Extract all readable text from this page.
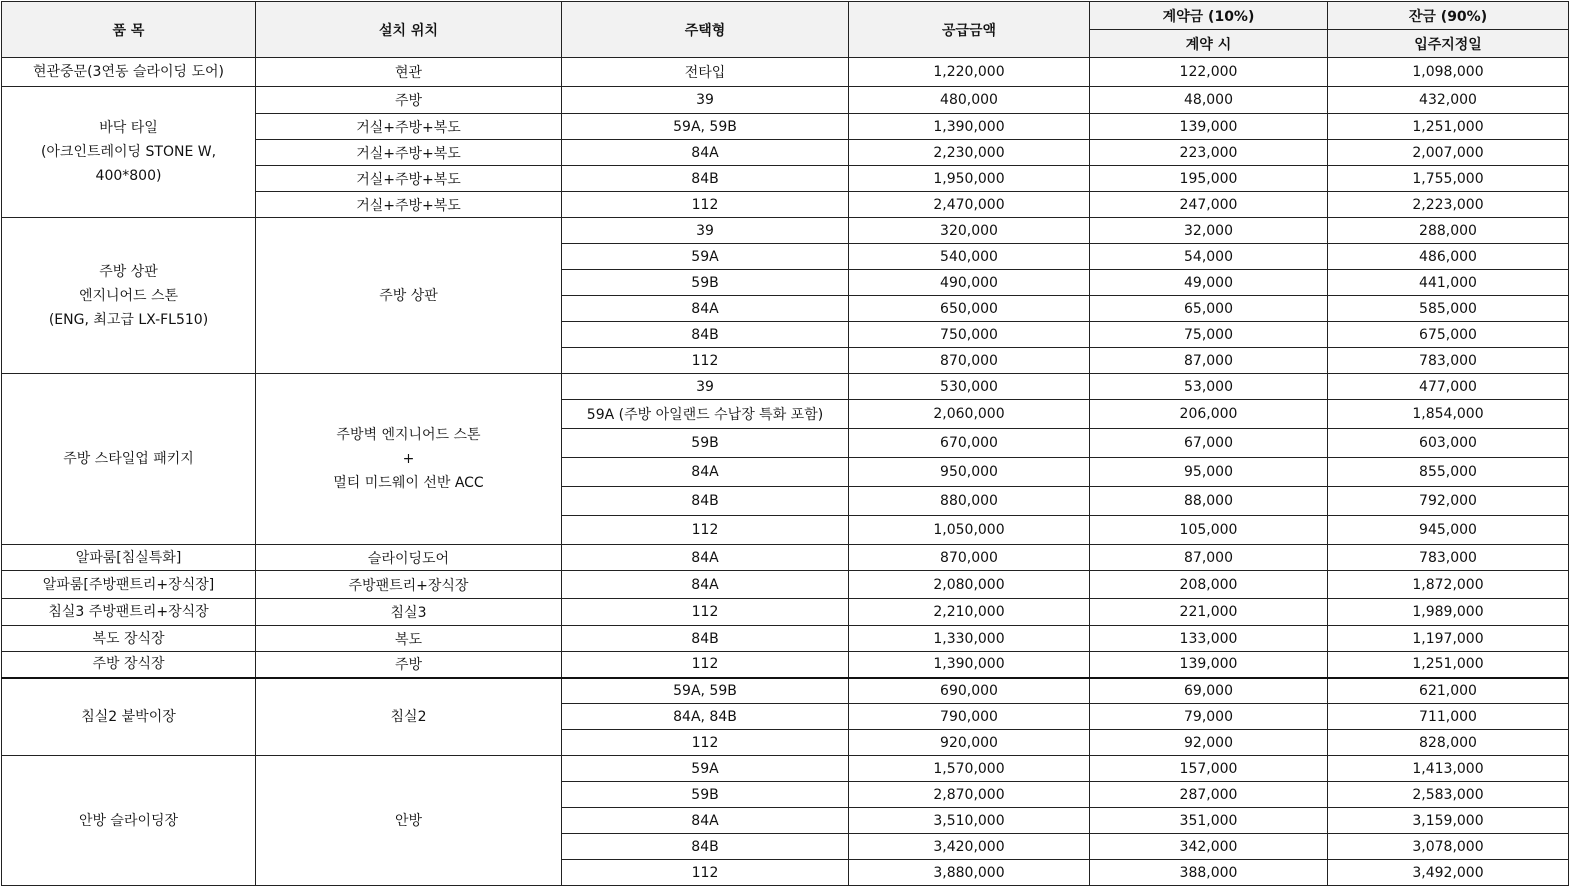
품 목	설치 위치	주택형	공급금액	계약금 (10%)	잔금 (90%)
				계약 시	입주지정일
현관중문(3연동 슬라이딩 도어)	현관	전타입	1,220,000	122,000	1,098,000
바닥 타일
(아크인트레이딩 STONE W,
400*800)	주방	39	480,000	48,000	432,000
	거실+주방+복도	59A, 59B	1,390,000	139,000	1,251,000
	거실+주방+복도	84A	2,230,000	223,000	2,007,000
	거실+주방+복도	84B	1,950,000	195,000	1,755,000
	거실+주방+복도	112	2,470,000	247,000	2,223,000
주방 상판
엔지니어드 스톤
(ENG, 최고급 LX-FL510)	주방 상판	39	320,000	32,000	288,000
		59A	540,000	54,000	486,000
		59B	490,000	49,000	441,000
		84A	650,000	65,000	585,000
		84B	750,000	75,000	675,000
		112	870,000	87,000	783,000
주방 스타일업 패키지	주방벽 엔지니어드 스톤
+
멀티 미드웨이 선반 ACC	39	530,000	53,000	477,000
		59A (주방 아일랜드 수납장 특화 포함)	2,060,000	206,000	1,854,000
		59B	670,000	67,000	603,000
		84A	950,000	95,000	855,000
		84B	880,000	88,000	792,000
		112	1,050,000	105,000	945,000
알파룸[침실특화]	슬라이딩도어	84A	870,000	87,000	783,000
알파룸[주방팬트리+장식장]	주방팬트리+장식장	84A	2,080,000	208,000	1,872,000
침실3 주방팬트리+장식장	침실3	112	2,210,000	221,000	1,989,000
복도 장식장	복도	84B	1,330,000	133,000	1,197,000
주방 장식장	주방	112	1,390,000	139,000	1,251,000
침실2 붙박이장	침실2	59A, 59B	690,000	69,000	621,000
		84A, 84B	790,000	79,000	711,000
		112	920,000	92,000	828,000
안방 슬라이딩장	안방	59A	1,570,000	157,000	1,413,000
		59B	2,870,000	287,000	2,583,000
		84A	3,510,000	351,000	3,159,000
		84B	3,420,000	342,000	3,078,000
		112	3,880,000	388,000	3,492,000
